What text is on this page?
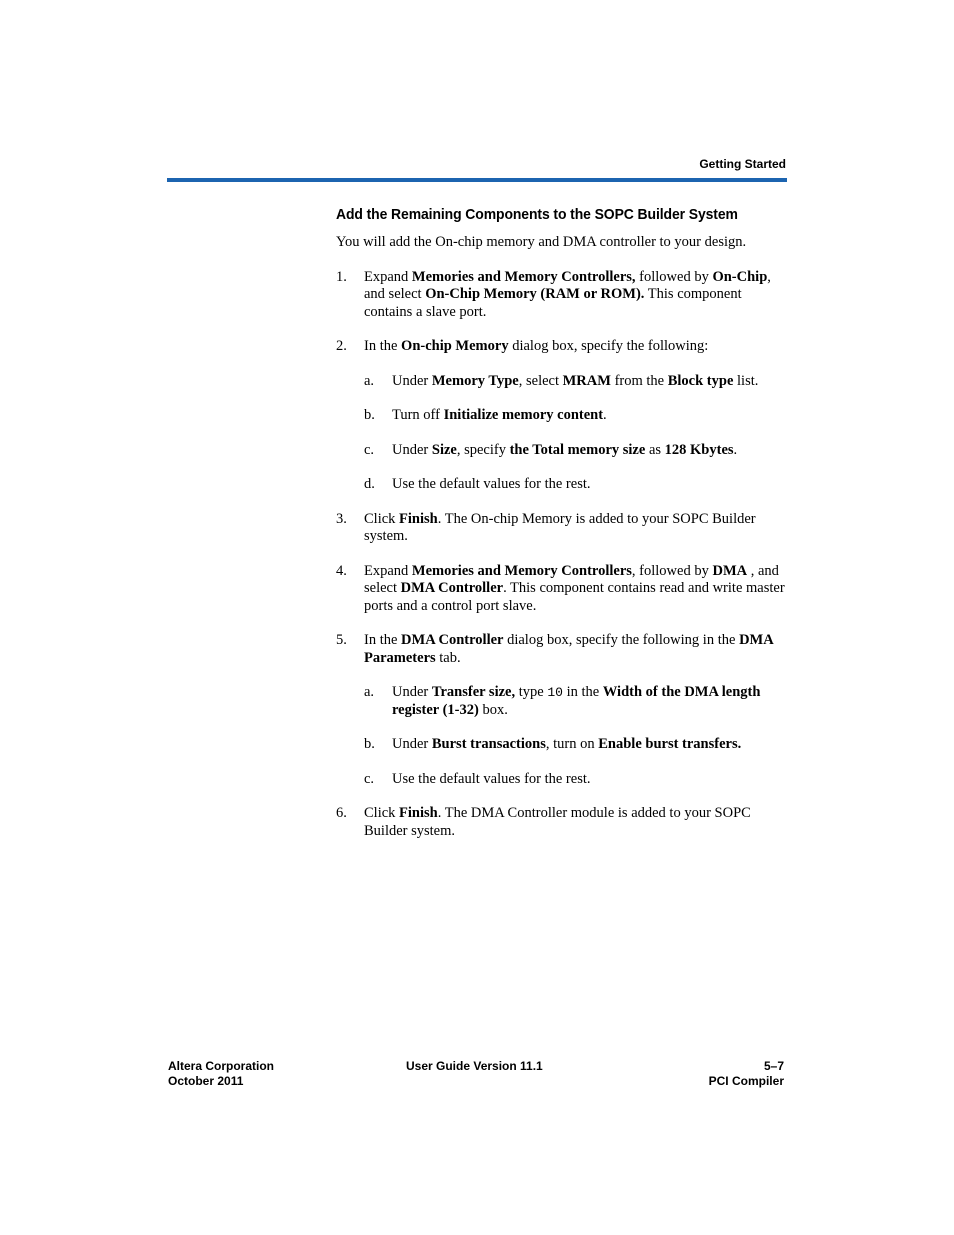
Getting Started
Add the Remaining Components to the SOPC Builder System

You will add the On-chip memory and DMA controller to your design.

1.	Expand Memories and Memory Controllers, followed by On-Chip, and select On-Chip Memory (RAM or ROM). This component contains a slave port.
2.	In the On-chip Memory dialog box, specify the following:
a.	Under Memory Type, select MRAM from the Block type list.
b.	Turn off Initialize memory content.
c.	Under Size, specify the Total memory size as 128 Kbytes.
d.	Use the default values for the rest.
3.	Click Finish. The On-chip Memory is added to your SOPC Builder system.
4.	Expand Memories and Memory Controllers, followed by DMA , and select DMA Controller. This component contains read and write master ports and a control port slave.
5.	In the DMA Controller dialog box, specify the following in the DMA Parameters tab.
a.	Under Transfer size, type 10 in the Width of the DMA length register (1-32) box.
b.	Under Burst transactions, turn on Enable burst transfers.
c.	Use the default values for the rest.
6.	Click Finish. The DMA Controller module is added to your SOPC Builder system.
Altera Corporation
October 2011
User Guide Version 11.1	5–7
PCI Compiler
